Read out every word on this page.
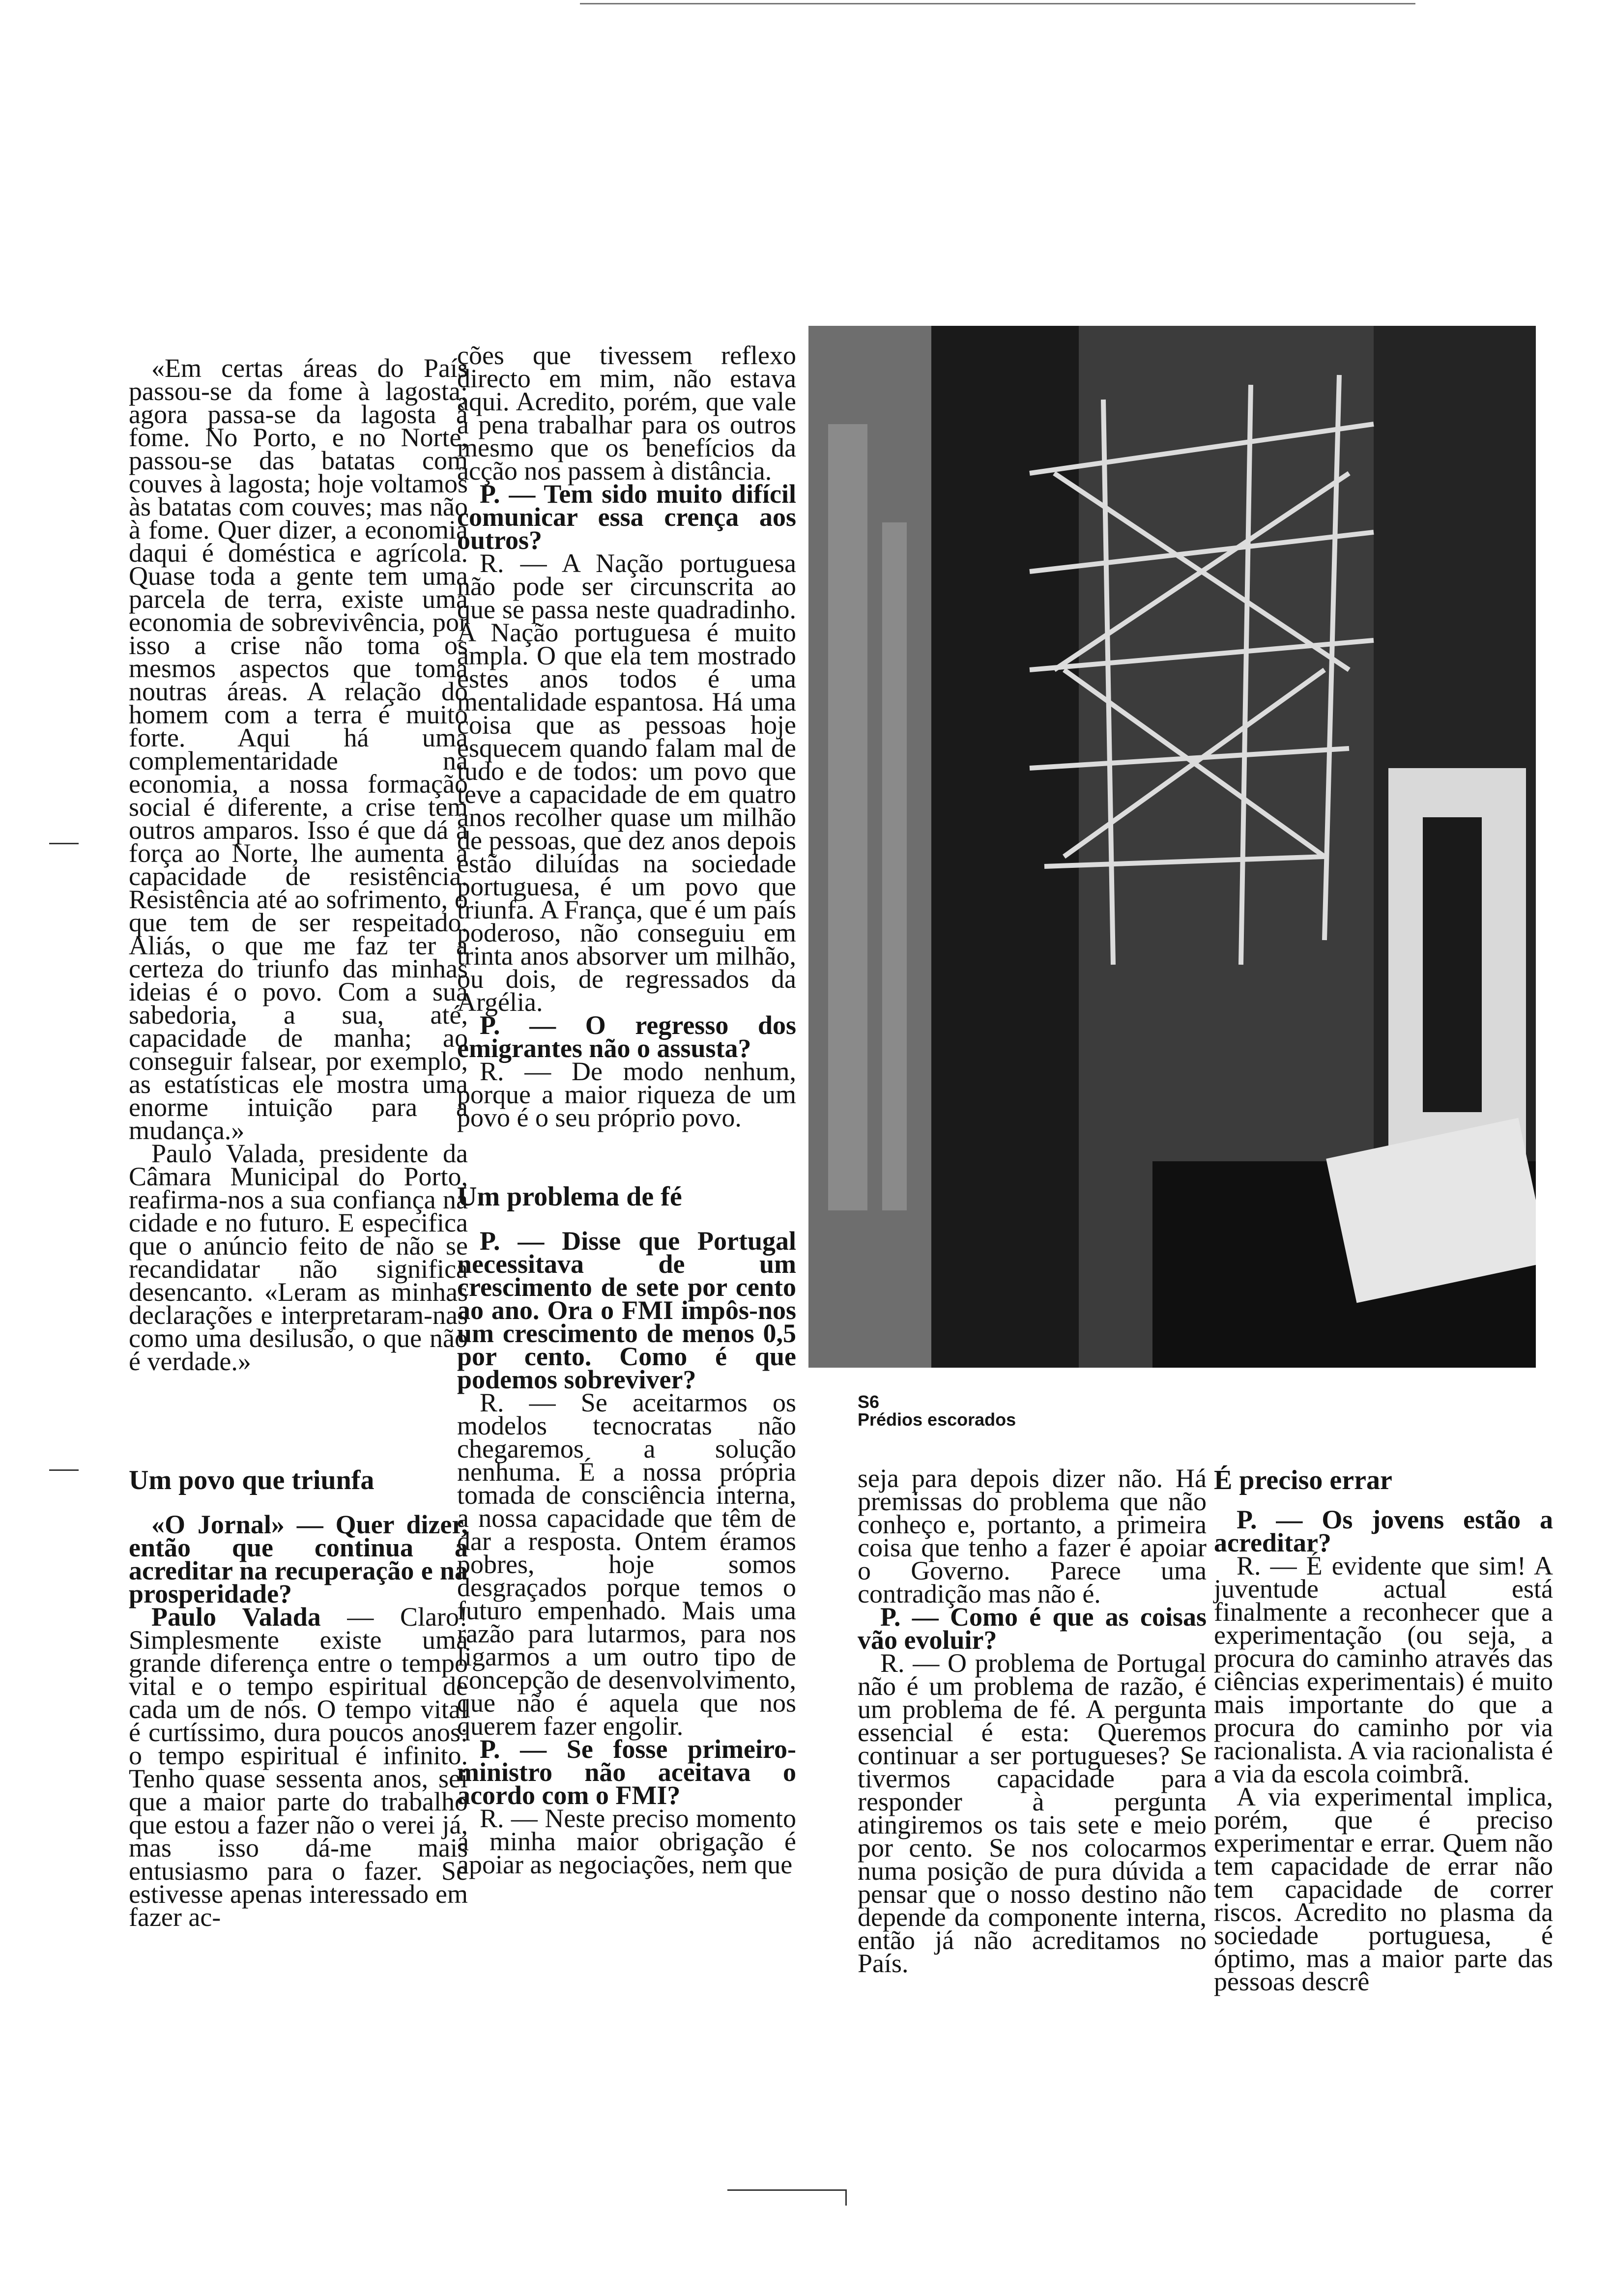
«Em certas áreas do País passou-se da fome à lagosta; agora passa-se da lagosta à fome. No Porto, e no Norte, passou-se das batatas com couves à lagosta; hoje voltamos às batatas com couves; mas não à fome. Quer dizer, a economia daqui é doméstica e agrícola. Quase toda a gente tem uma parcela de terra, existe uma economia de sobrevivência, por isso a crise não toma os mesmos aspectos que toma noutras áreas. A relação do homem com a terra é muito forte. Aqui há uma complementaridade na economia, a nossa formação social é diferente, a crise tem outros amparos. Isso é que dá a força ao Norte, lhe aumenta a capacidade de resistência. Resistência até ao sofrimento, o que tem de ser respeitado. Aliás, o que me faz ter a certeza do triunfo das minhas ideias é o povo. Com a sua sabedoria, a sua, até, capacidade de manha; ao conseguir falsear, por exemplo, as estatísticas ele mostra uma enorme intuição para a mudança.»

Paulo Valada, presidente da Câmara Municipal do Porto, reafirma-nos a sua confiança na cidade e no futuro. E especifica que o anúncio feito de não se recandidatar não significa desencanto. «Leram as minhas declarações e interpretaram-nas como uma desilusão, o que não é verdade.»

ções que tivessem reflexo directo em mim, não estava aqui. Acredito, porém, que vale a pena trabalhar para os outros mesmo que os benefícios da acção nos passem à distância.

P. — Tem sido muito difícil comunicar essa crença aos outros?

R. — A Nação portuguesa não pode ser circunscrita ao que se passa neste quadradinho. A Nação portuguesa é muito ampla. O que ela tem mostrado estes anos todos é uma mentalidade espantosa. Há uma coisa que as pessoas hoje esquecem quando falam mal de tudo e de todos: um povo que teve a capacidade de em quatro anos recolher quase um milhão de pessoas, que dez anos depois estão diluídas na sociedade portuguesa, é um povo que triunfa. A França, que é um país poderoso, não conseguiu em trinta anos absorver um milhão, ou dois, de regressados da Argélia.

P. — O regresso dos emigrantes não o assusta?

R. — De modo nenhum, porque a maior riqueza de um povo é o seu próprio povo.

Um problema de fé

P. — Disse que Portugal necessitava de um crescimento de sete por cento ao ano. Ora o FMI impôs-nos um crescimento de menos 0,5 por cento. Como é que podemos sobreviver?

R. — Se aceitarmos os modelos tecnocratas não chegaremos a solução nenhuma. É a nossa própria tomada de consciência interna, a nossa capacidade que têm de dar a resposta. Ontem éramos pobres, hoje somos desgraçados porque temos o futuro empenhado. Mais uma razão para lutarmos, para nos ligarmos a um outro tipo de concepção de desenvolvimento, que não é aquela que nos querem fazer engolir.

P. — Se fosse primeiro-ministro não aceitava o acordo com o FMI?

R. — Neste preciso momento a minha maior obrigação é apoiar as negociações, nem que

Um povo que triunfa

«O Jornal» — Quer dizer, então que continua a acreditar na recuperação e na prosperidade?

Paulo Valada — Claro! Simplesmente existe uma grande diferença entre o tempo vital e o tempo espiritual de cada um de nós. O tempo vital é curtíssimo, dura poucos anos: o tempo espiritual é infinito. Tenho quase sessenta anos, sei que a maior parte do trabalho que estou a fazer não o verei já, mas isso dá-me mais entusiasmo para o fazer. Se estivesse apenas interessado em fazer ac-

S6
Prédios escorados

seja para depois dizer não. Há premissas do problema que não conheço e, portanto, a primeira coisa que tenho a fazer é apoiar o Governo. Parece uma contradição mas não é.

P. — Como é que as coisas vão evoluir?

R. — O problema de Portugal não é um problema de razão, é um problema de fé. A pergunta essencial é esta: Queremos continuar a ser portugueses? Se tivermos capacidade para responder à pergunta atingiremos os tais sete e meio por cento. Se nos colocarmos numa posição de pura dúvida a pensar que o nosso destino não depende da componente interna, então já não acreditamos no País.

É preciso errar

P. — Os jovens estão a acreditar?

R. — É evidente que sim! A juventude actual está finalmente a reconhecer que a experimentação (ou seja, a procura do caminho através das ciências experimentais) é muito mais importante do que a procura do caminho por via racionalista. A via racionalista é a via da escola coimbrã.

A via experimental implica, porém, que é preciso experimentar e errar. Quem não tem capacidade de errar não tem capacidade de correr riscos. Acredito no plasma da sociedade portuguesa, é óptimo, mas a maior parte das pessoas descrê
